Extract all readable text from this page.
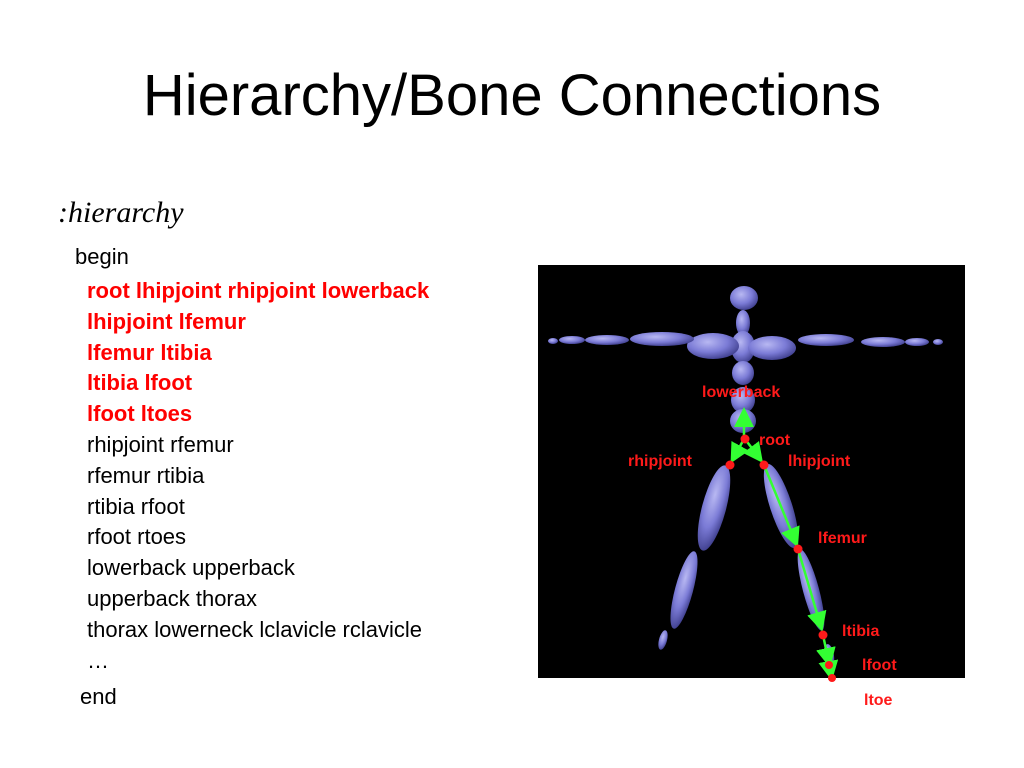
Hierarchy/Bone Connections
:hierarchy
begin
root lhipjoint rhipjoint lowerback
lhipjoint lfemur
lfemur ltibia
ltibia lfoot
lfoot ltoes
rhipjoint rfemur
rfemur rtibia
rtibia rfoot
rfoot rtoes
lowerback upperback
upperback thorax
thorax lowerneck lclavicle rclavicle
…
end
lowerback
root
rhipjoint	lhipjoint
lfemur
ltibia
lfoot
ltoe
